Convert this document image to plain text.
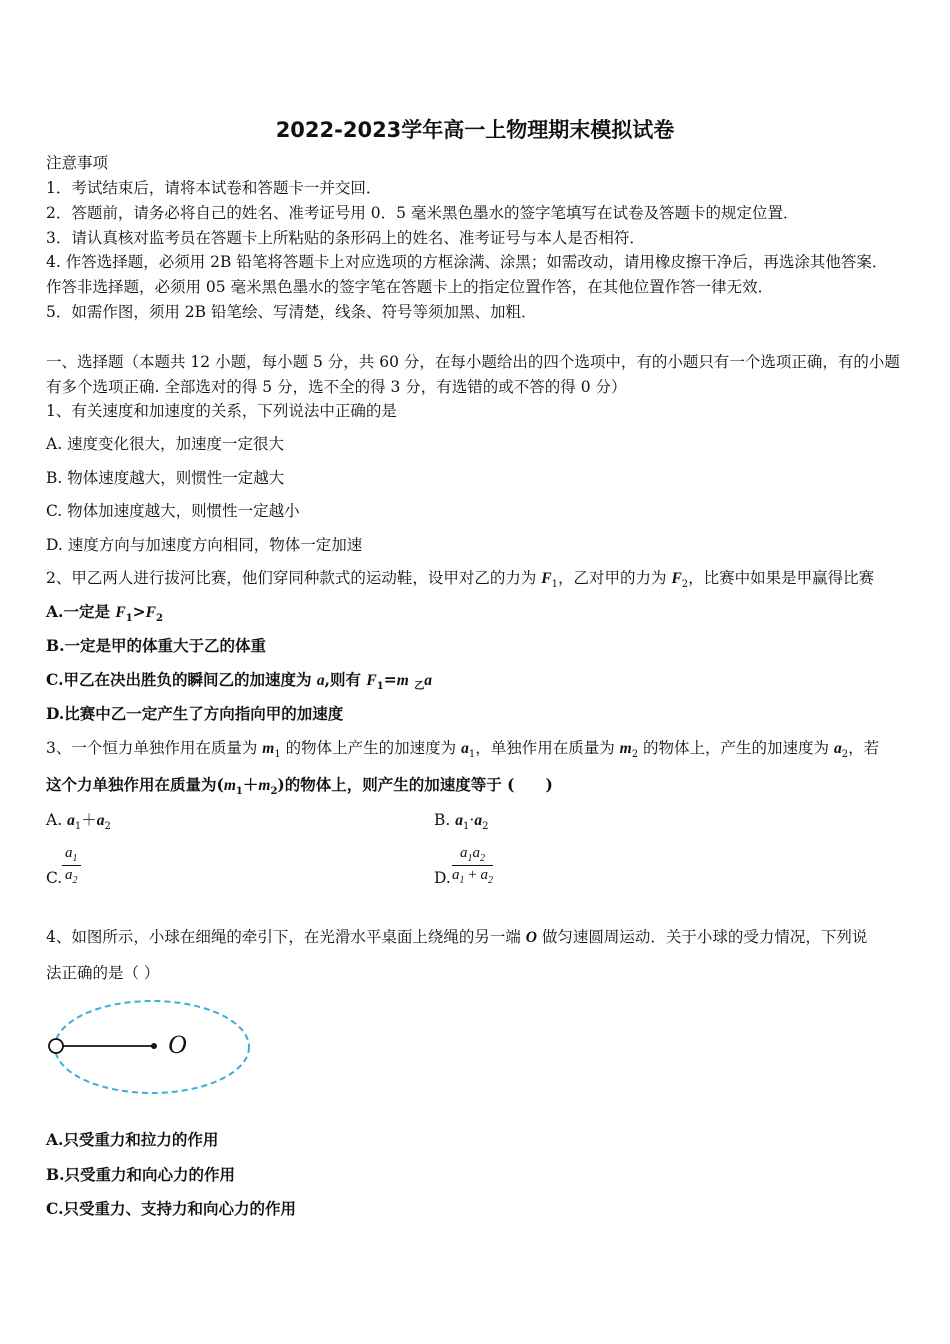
2022-2023学年高一上物理期末模拟试卷
注意事项
1．考试结束后，请将本试卷和答题卡一并交回．
2．答题前，请务必将自己的姓名、准考证号用 0．5 毫米黑色墨水的签字笔填写在试卷及答题卡的规定位置．
3．请认真核对监考员在答题卡上所粘贴的条形码上的姓名、准考证号与本人是否相符．
4. 作答选择题，必须用 2B 铅笔将答题卡上对应选项的方框涂满、涂黑；如需改动，请用橡皮擦干净后，再选涂其他答案．
作答非选择题，必须用 05 毫米黑色墨水的签字笔在答题卡上的指定位置作答，在其他位置作答一律无效．
5．如需作图，须用 2B 铅笔绘、写清楚，线条、符号等须加黑、加粗．
一、选择题（本题共 12 小题，每小题 5 分，共 60 分，在每小题给出的四个选项中，有的小题只有一个选项正确，有的小题
有多个选项正确. 全部选对的得 5 分，选不全的得 3 分，有选错的或不答的得 0 分）
1、有关速度和加速度的关系，下列说法中正确的是
A. 速度变化很大，加速度一定很大
B. 物体速度越大，则惯性一定越大
C. 物体加速度越大，则惯性一定越小
D. 速度方向与加速度方向相同，物体一定加速
2、甲乙两人进行拔河比赛，他们穿同种款式的运动鞋，设甲对乙的力为 $F_1$，乙对甲的力为 $F_2$，比赛中如果是甲赢得比赛
A.一定是 $F_1>F_2$
B.一定是甲的体重大于乙的体重
C.甲乙在决出胜负的瞬间乙的加速度为 a,则有 $F_1=m$ $_乙$a
D.比赛中乙一定产生了方向指向甲的加速度
3、一个恒力单独作用在质量为 $m_1$ 的物体上产生的加速度为 $a_1$，单独作用在质量为 $m_2$ 的物体上，产生的加速度为 $a_2$，若
这个力单独作用在质量为$(m_1+m_2)$的物体上，则产生的加速度等于 (　　)
A. $a_1+a_2$	B. $a_1\cdot a_2$
C. $\frac{a_1}{a_2}$	D. $\frac{a_1a_2}{a_1 + a_2}$
4、如图所示，小球在细绳的牵引下，在光滑水平桌面上绕绳的另一端 O 做匀速圆周运动．关于小球的受力情况，下列说
法正确的是（ ）
O
A.只受重力和拉力的作用
B.只受重力和向心力的作用
C.只受重力、支持力和向心力的作用
